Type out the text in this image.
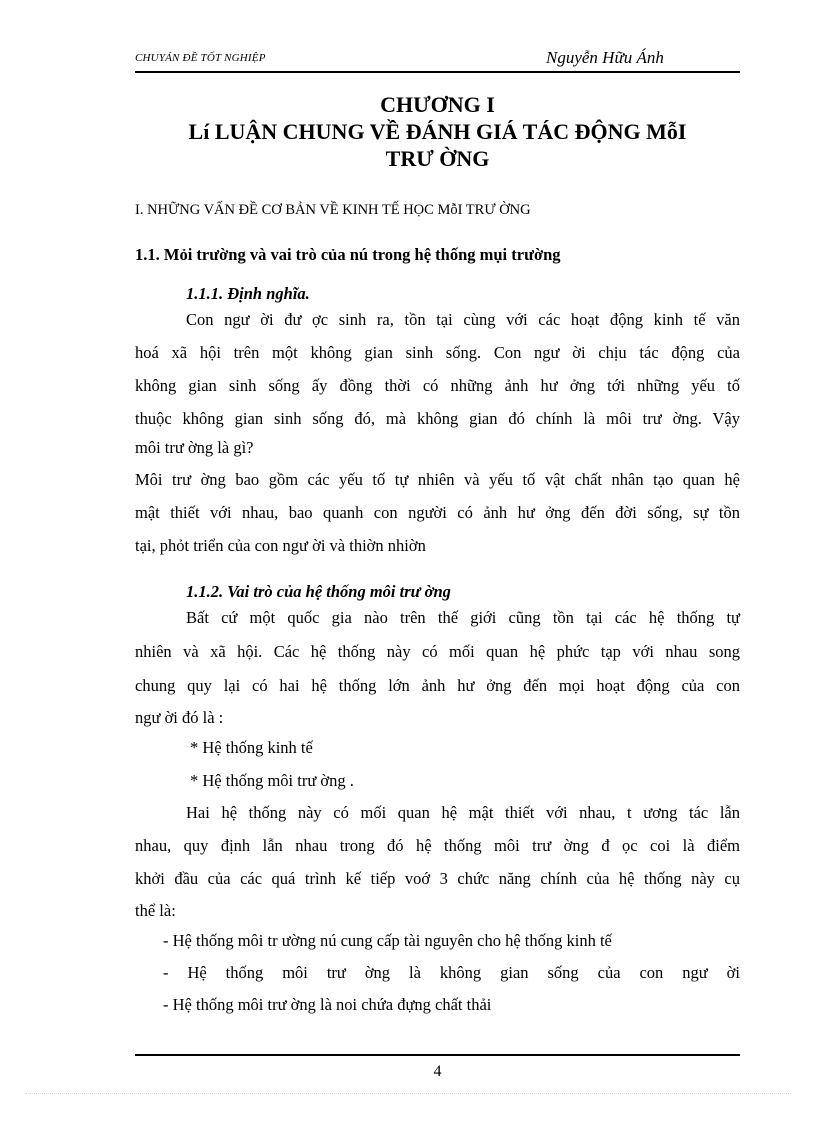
CHUYÁN ĐỀ TỐT NGHIỆP	Nguyễn Hữu Ánh
CHƯƠNG I
Lí LUẬN CHUNG VỀ ĐÁNH GIÁ TÁC ĐỘNG MỗI
TRƯ ỜNG
I. NHỮNG VẤN ĐỀ CƠ BẢN VỀ KINH TẾ HỌC MỗI TRƯ ỜNG
1.1. Mỏi trường và vai trò của nú trong hệ thống mụi trường
1.1.1. Định nghĩa.
Con ngư ời đư ợc sinh ra, tồn tại cùng với các hoạt động kinh tế văn
hoá xã hội trên một không gian sinh sống. Con ngư ời chịu tác động của
không gian sinh sống ấy đồng thời có những ảnh hư ởng tới những yếu tố
thuộc không gian sinh sống đó, mà không gian đó chính là môi trư ờng. Vậy
môi trư ờng là gì?
Môi trư ờng bao gồm các yếu tố tự nhiên và yếu tố vật chất nhân tạo quan hệ
mật thiết với nhau, bao quanh con người có ảnh hư ởng đến đời sống, sự tồn
tại, phỏt triển của con ngư ời và thiờn nhiờn
1.1.2. Vai trò của hệ thống môi trư ờng
Bất cứ một quốc gia nào trên thế giới cũng tồn tại các hệ thống tự
nhiên và xã hội. Các hệ thống này có mối quan hệ phức tạp với nhau song
chung quy lại có hai hệ thống lớn ảnh hư ởng đến mọi hoạt động của con
ngư ời đó là :
* Hệ thống kinh tế
* Hệ thống môi trư ờng .
Hai hệ thống này có mối quan hệ mật thiết với nhau, t ương tác lẫn
nhau, quy định lẫn nhau trong đó hệ thống môi trư ờng đ ọc coi là điểm
khởi đầu của các quá trình kế tiếp voớ 3 chức năng chính của hệ thống này cụ
thể là:
- Hệ thống môi tr ường nú cung cấp tài nguyên cho hệ thống kinh tế
- Hệ thống môi trư ờng là không gian sống của con ngư ời
- Hệ thống môi trư ờng là noi chứa đựng chất thải
4
